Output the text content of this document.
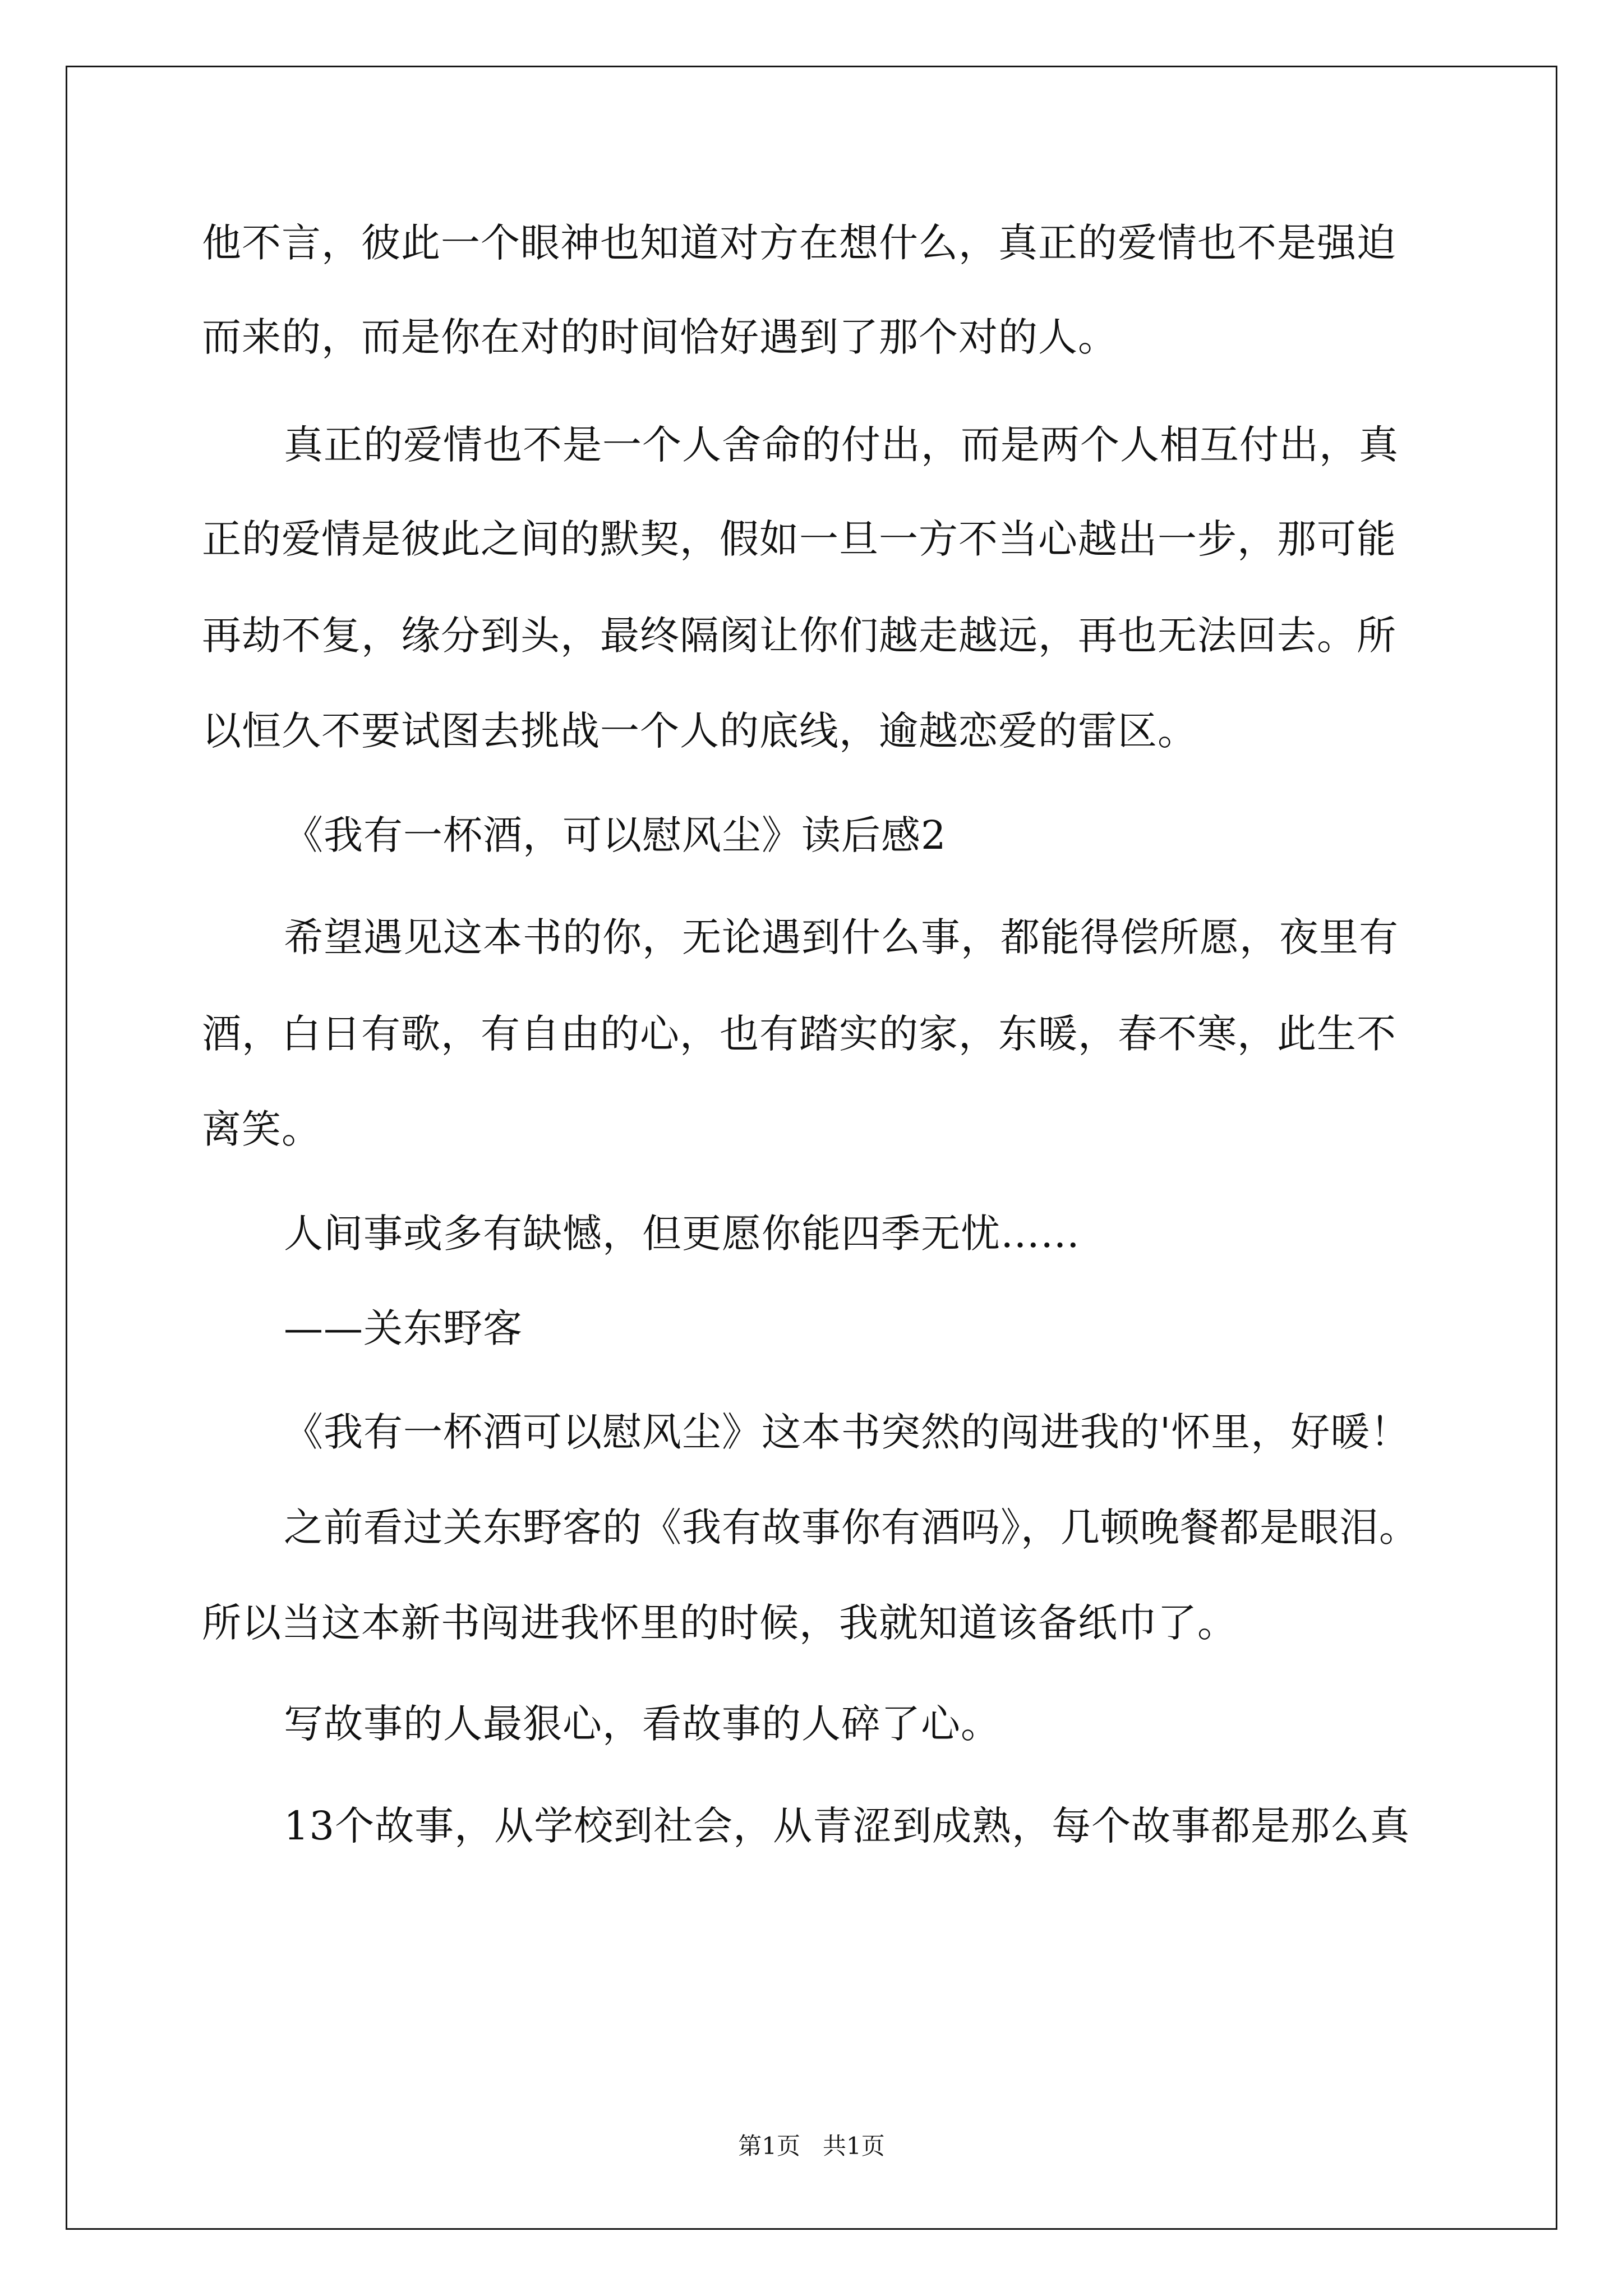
他不言，彼此一个眼神也知道对方在想什么，真正的爱情也不是强迫
而来的，而是你在对的时间恰好遇到了那个对的人。
真正的爱情也不是一个人舍命的付出，而是两个人相互付出，真
正的爱情是彼此之间的默契，假如一旦一方不当心越出一步，那可能
再劫不复，缘分到头，最终隔阂让你们越走越远，再也无法回去。所
以恒久不要试图去挑战一个人的底线，逾越恋爱的雷区。
《我有一杯酒，可以慰风尘》读后感2
希望遇见这本书的你，无论遇到什么事，都能得偿所愿，夜里有
酒，白日有歌，有自由的心，也有踏实的家，东暖，春不寒，此生不
离笑。
人间事或多有缺憾，但更愿你能四季无忧……
——关东野客
《我有一杯酒可以慰风尘》这本书突然的闯进我的'怀里，好暖！
之前看过关东野客的《我有故事你有酒吗》，几顿晚餐都是眼泪。
所以当这本新书闯进我怀里的时候，我就知道该备纸巾了。
写故事的人最狠心，看故事的人碎了心。
13个故事，从学校到社会，从青涩到成熟，每个故事都是那么真
第1页   共1页
